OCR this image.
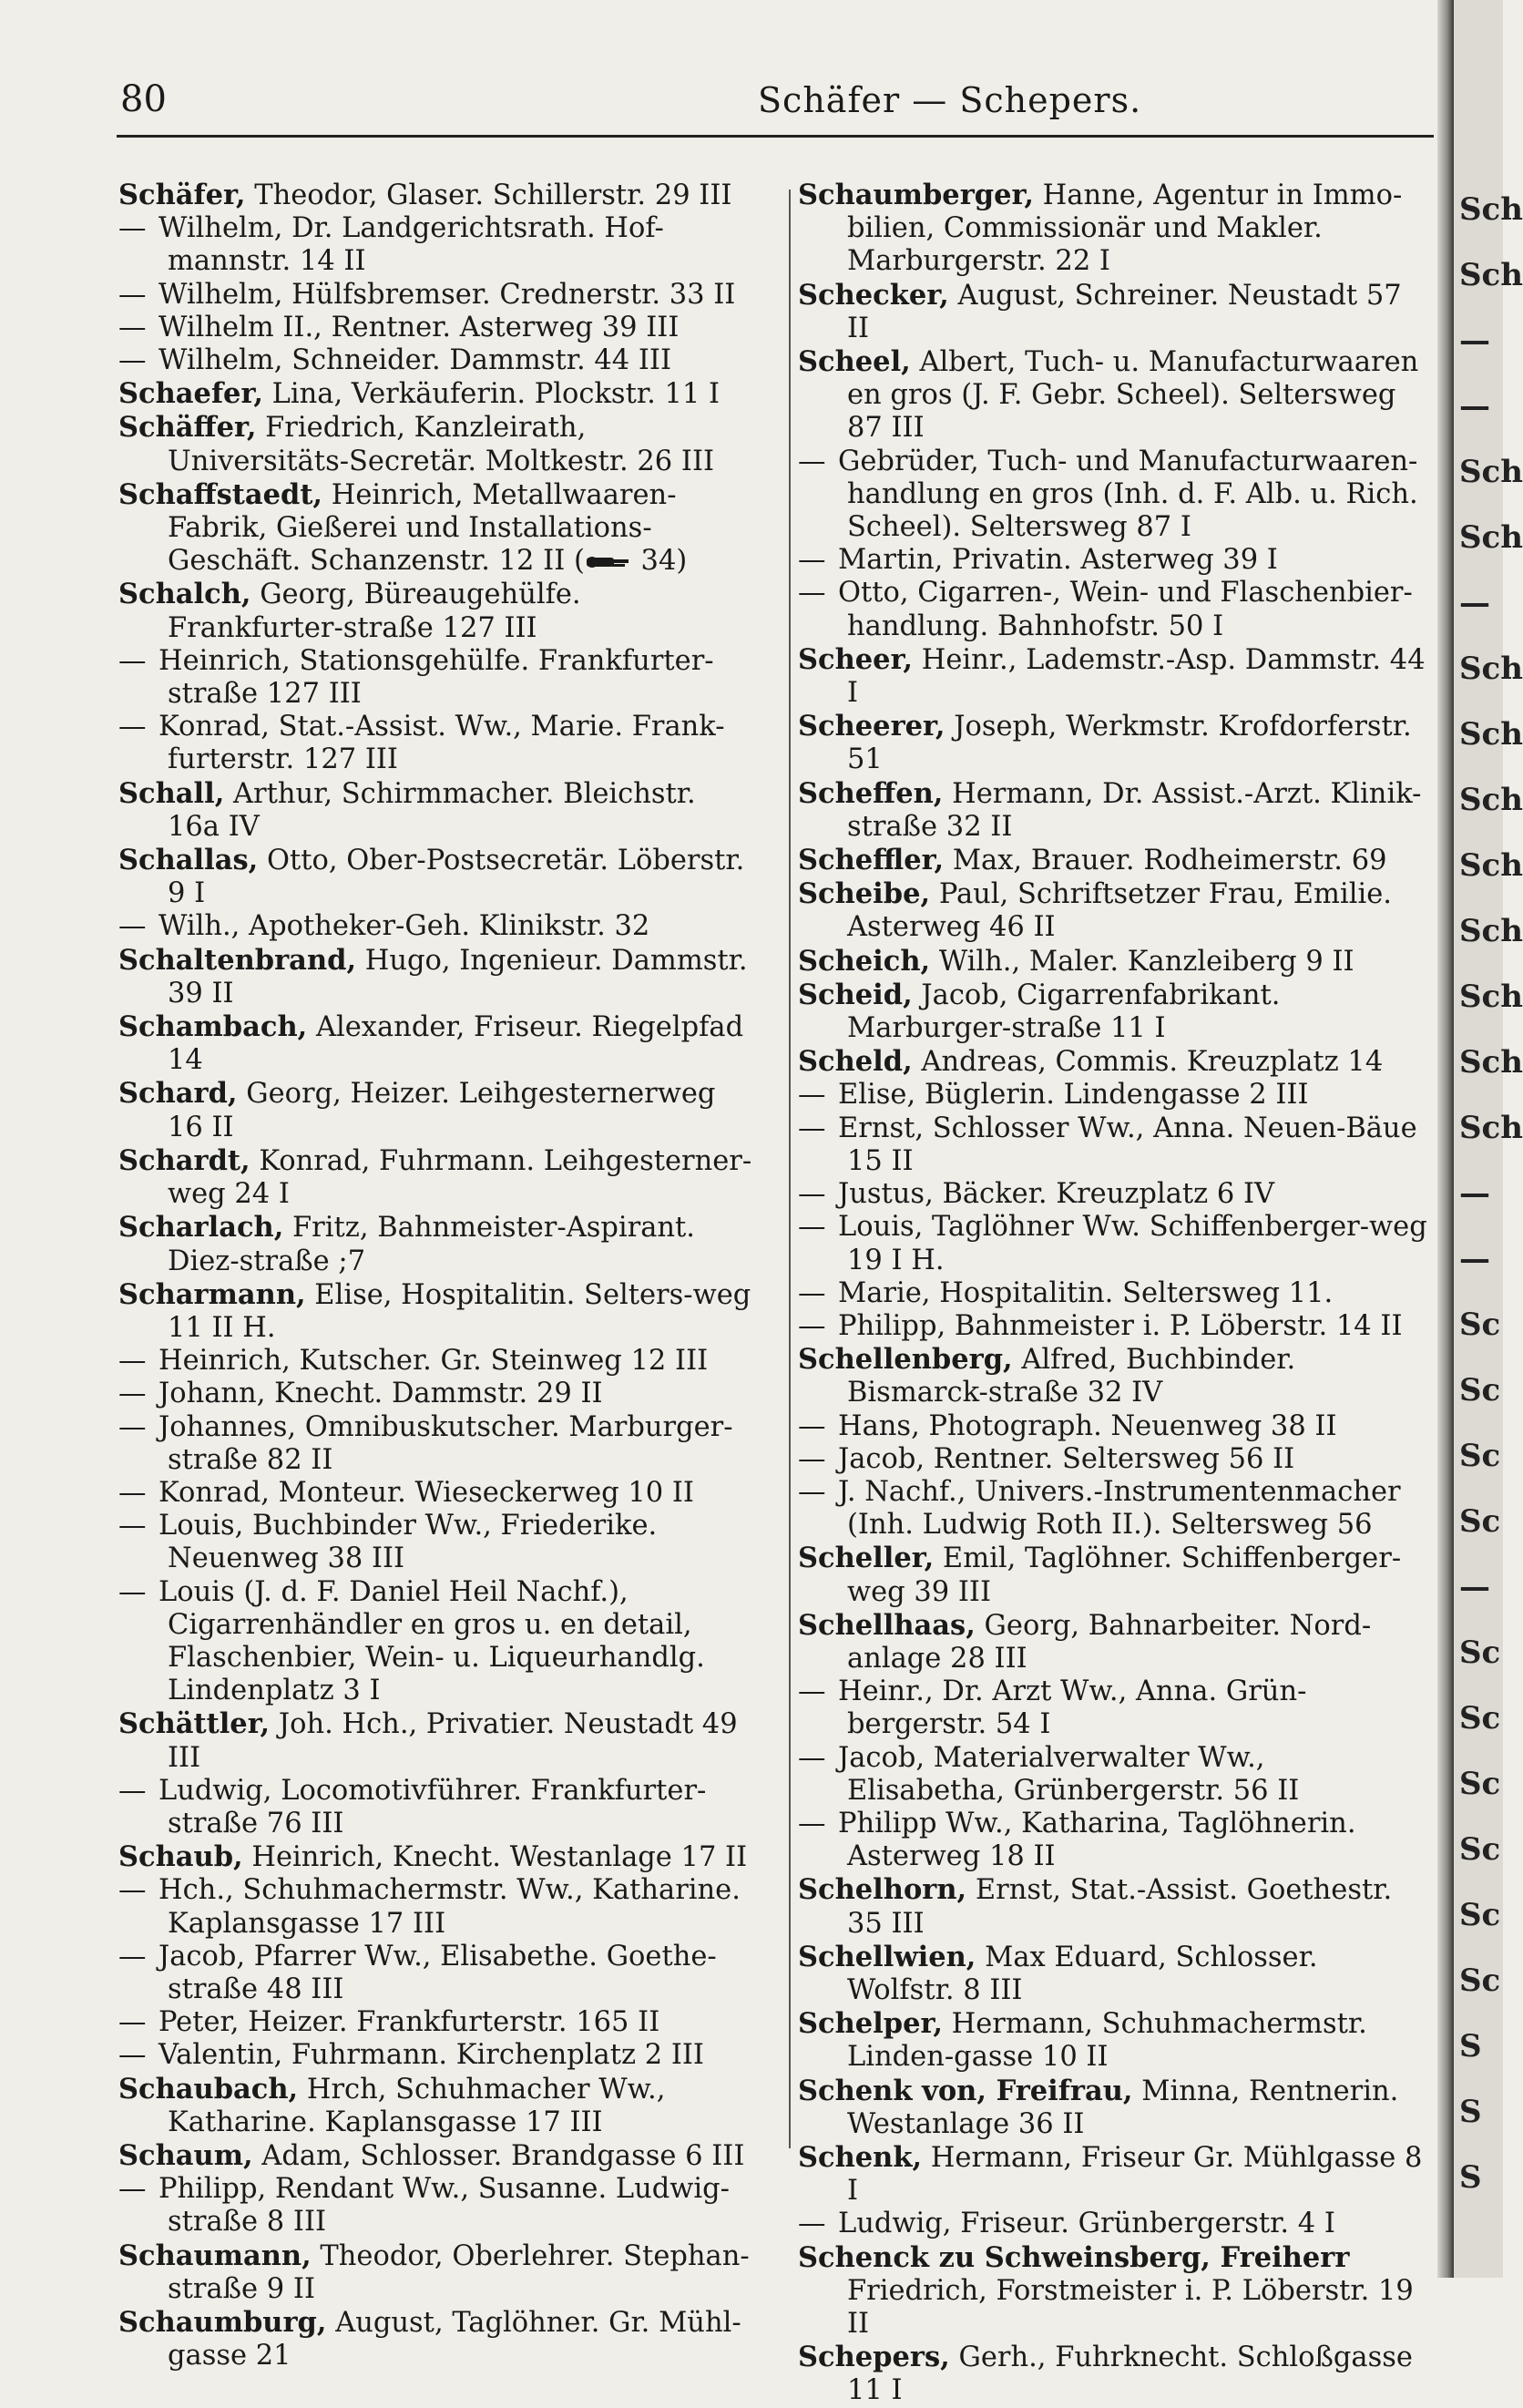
80	Schäfer — Schepers.
Schäfer, Theodor, Glaser. Schillerstr. 29 III
— Wilhelm, Dr. Landgerichtsrath. Hof-mannstr. 14 II
— Wilhelm, Hülfsbremser. Crednerstr. 33 II
— Wilhelm II., Rentner. Asterweg 39 III
— Wilhelm, Schneider. Dammstr. 44 III
Schaefer, Lina, Verkäuferin. Plockstr. 11 I
Schäffer, Friedrich, Kanzleirath, Universitäts-Secretär. Moltkestr. 26 III
Schaffstaedt, Heinrich, Metallwaaren-Fabrik, Gießerei und Installations-Geschäft. Schanzenstr. 12 II (
34)
Schalch, Georg, Büreaugehülfe. Frankfurter-straße 127 III
— Heinrich, Stationsgehülfe. Frankfurter-straße 127 III
— Konrad, Stat.-Assist. Ww., Marie. Frank-furterstr. 127 III
Schall, Arthur, Schirmmacher. Bleichstr. 16a IV
Schallas, Otto, Ober-Postsecretär. Löberstr. 9 I
— Wilh., Apotheker-Geh. Klinikstr. 32
Schaltenbrand, Hugo, Ingenieur. Dammstr. 39 II
Schambach, Alexander, Friseur. Riegelpfad 14
Schard, Georg, Heizer. Leihgesternerweg 16 II
Schardt, Konrad, Fuhrmann. Leihgesterner-weg 24 I
Scharlach, Fritz, Bahnmeister-Aspirant. Diez-straße ;7
Scharmann, Elise, Hospitalitin. Selters-weg 11 II H.
— Heinrich, Kutscher. Gr. Steinweg 12 III
— Johann, Knecht. Dammstr. 29 II
— Johannes, Omnibuskutscher. Marburger-straße 82 II
— Konrad, Monteur. Wieseckerweg 10 II
— Louis, Buchbinder Ww., Friederike. Neuenweg 38 III
— Louis (J. d. F. Daniel Heil Nachf.), Cigarrenhändler en gros u. en detail, Flaschenbier, Wein- u. Liqueurhandlg. Lindenplatz 3 I
Schättler, Joh. Hch., Privatier. Neustadt 49 III
— Ludwig, Locomotivführer. Frankfurter-straße 76 III
Schaub, Heinrich, Knecht. Westanlage 17 II
— Hch., Schuhmachermstr. Ww., Katharine. Kaplansgasse 17 III
— Jacob, Pfarrer Ww., Elisabethe. Goethe-straße 48 III
— Peter, Heizer. Frankfurterstr. 165 II
— Valentin, Fuhrmann. Kirchenplatz 2 III
Schaubach, Hrch, Schuhmacher Ww., Katharine. Kaplansgasse 17 III
Schaum, Adam, Schlosser. Brandgasse 6 III
— Philipp, Rendant Ww., Susanne. Ludwig-straße 8 III
Schaumann, Theodor, Oberlehrer. Stephan-straße 9 II
Schaumburg, August, Taglöhner. Gr. Mühl-gasse 21
Schaumberger, Hanne, Agentur in Immo-bilien, Commissionär und Makler. Marburgerstr. 22 I
Schecker, August, Schreiner. Neustadt 57 II
Scheel, Albert, Tuch- u. Manufacturwaaren en gros (J. F. Gebr. Scheel). Seltersweg 87 III
— Gebrüder, Tuch- und Manufacturwaaren-handlung en gros (Inh. d. F. Alb. u. Rich. Scheel). Seltersweg 87 I
— Martin, Privatin. Asterweg 39 I
— Otto, Cigarren-, Wein- und Flaschenbier-handlung. Bahnhofstr. 50 I
Scheer, Heinr., Lademstr.-Asp. Dammstr. 44 I
Scheerer, Joseph, Werkmstr. Krofdorferstr. 51
Scheffen, Hermann, Dr. Assist.-Arzt. Klinik-straße 32 II
Scheffler, Max, Brauer. Rodheimerstr. 69
Scheibe, Paul, Schriftsetzer Frau, Emilie. Asterweg 46 II
Scheich, Wilh., Maler. Kanzleiberg 9 II
Scheid, Jacob, Cigarrenfabrikant. Marburger-straße 11 I
Scheld, Andreas, Commis. Kreuzplatz 14
— Elise, Büglerin. Lindengasse 2 III
— Ernst, Schlosser Ww., Anna. Neuen-Bäue 15 II
— Justus, Bäcker. Kreuzplatz 6 IV
— Louis, Taglöhner Ww. Schiffenberger-weg 19 I H.
— Marie, Hospitalitin. Seltersweg 11.
— Philipp, Bahnmeister i. P. Löberstr. 14 II
Schellenberg, Alfred, Buchbinder. Bismarck-straße 32 IV
— Hans, Photograph. Neuenweg 38 II
— Jacob, Rentner. Seltersweg 56 II
— J. Nachf., Univers.-Instrumentenmacher (Inh. Ludwig Roth II.). Seltersweg 56
Scheller, Emil, Taglöhner. Schiffenberger-weg 39 III
Schellhaas, Georg, Bahnarbeiter. Nord-anlage 28 III
— Heinr., Dr. Arzt Ww., Anna. Grün-bergerstr. 54 I
— Jacob, Materialverwalter Ww., Elisabetha, Grünbergerstr. 56 II
— Philipp Ww., Katharina, Taglöhnerin. Asterweg 18 II
Schelhorn, Ernst, Stat.-Assist. Goethestr. 35 III
Schellwien, Max Eduard, Schlosser. Wolfstr. 8 III
Schelper, Hermann, Schuhmachermstr. Linden-gasse 10 II
Schenk von, Freifrau, Minna, Rentnerin. Westanlage 36 II
Schenk, Hermann, Friseur Gr. Mühlgasse 8 I
— Ludwig, Friseur. Grünbergerstr. 4 I
Schenck zu Schweinsberg, Freiherr Friedrich, Forstmeister i. P. Löberstr. 19 II
Schepers, Gerh., Fuhrknecht. Schloßgasse 11 I
Sch
Sch
—
—
Sch
Sch
—
Sch
Sch
Sch
Sch
Sch
Sch
Sch
Sch
—
—
Sc
Sc
Sc
Sc
—
Sc
Sc
Sc
Sc
Sc
Sc
S
S
S
